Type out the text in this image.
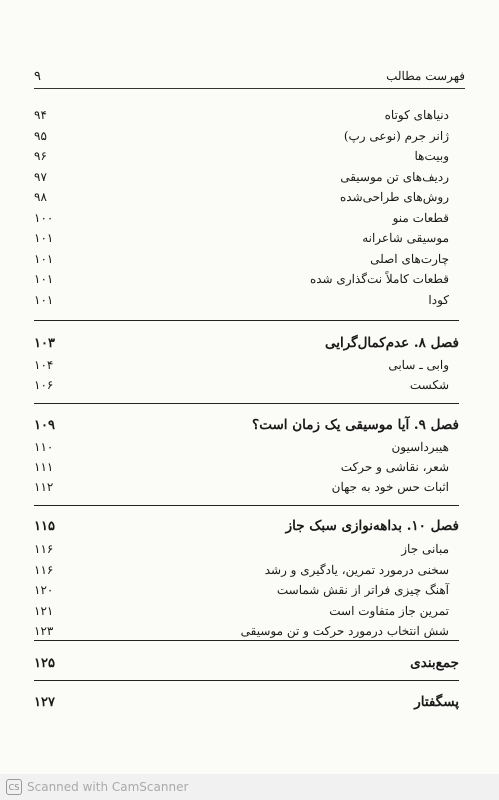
۹	فهرست مطالب
۹۴	دنیاهای کوتاه
۹۵	ژانر جرم (نوعی رپ)
۹۶	وبیت‌ها
۹۷	ردیف‌های تن موسیقی
۹۸	روش‌های طراحی‌شده
۱۰۰	قطعات منو
۱۰۱	موسیقی شاعرانه
۱۰۱	چارت‌های اصلی
۱۰۱	قطعات کاملاً نت‌گذاری شده
۱۰۱	کودا
۱۰۳	فصل ۸. عدم‌کمال‌گرایی
۱۰۴	وابی ـ سابی
۱۰۶	شکست
۱۰۹	فصل ۹. آیا موسیقی یک زمان است؟
۱۱۰	هیبرداسیون
۱۱۱	شعر، نقاشی و حرکت
۱۱۲	اثبات حس خود به جهان
۱۱۵	فصل ۱۰. بداهه‌نوازی سبک جاز
۱۱۶	مبانی جاز
۱۱۶	سخنی درمورد تمرین، یادگیری و رشد
۱۲۰	آهنگ چیزی فراتر از نقش شماست
۱۲۱	تمرین جاز متفاوت است
۱۲۳	شش انتخاب درمورد حرکت و تن موسیقی
۱۲۵	جمع‌بندی
۱۲۷	پسگفتار
CS Scanned with CamScanner
